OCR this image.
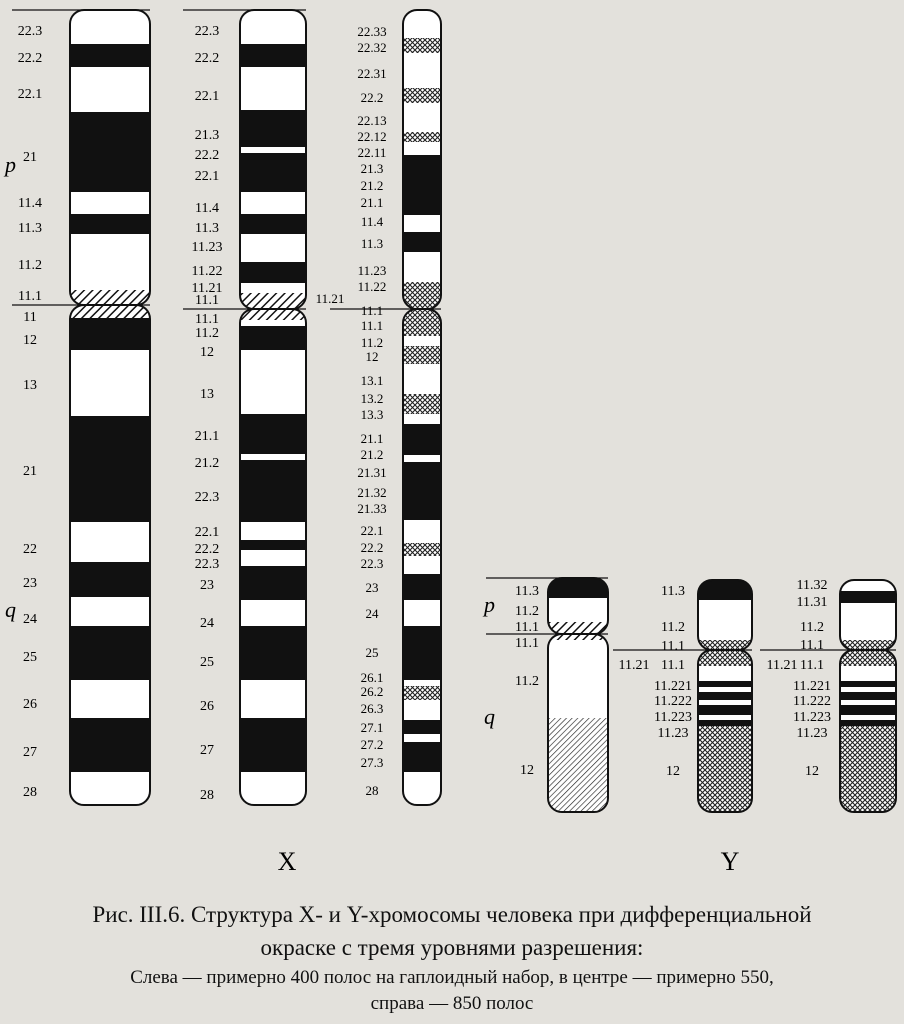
22.3
22.2
22.1
21
11.4
11.3
11.2
11.1
11
12
13
21
22
23
24
25
26
27
28
22.3
22.2
22.1
21.3
22.2
22.1
11.4
11.3
11.23
11.22
11.21
11.1
11.1
11.2
12
13
21.1
21.2
22.3
22.1
22.2
22.3
23
24
25
26
27
28
22.33
22.32
22.31
22.2
22.13
22.12
22.11
21.3
21.2
21.1
11.4
11.3
11.23
11.22
11.21
11.1
11.1
11.2
12
13.1
13.2
13.3
21.1
21.2
21.31
21.32
21.33
22.1
22.2
22.3
23
24
25
26.1
26.2
26.3
27.1
27.2
27.3
28
11.3
11.2
11.1
11.1
11.2
12
11.3
11.2
11.1
11.21 11.1
11.221
11.222
11.223
11.23
12
11.32
11.31
11.2
11.1
11.21 11.1
11.221
11.222
11.223
11.23
12
X	Y
p
q	p
q
Рис. III.6. Структура X- и Y-хромосомы человека при дифференциальной
окраске с тремя уровнями разрешения:
Слева — примерно 400 полос на гаплоидный набор, в центре — примерно 550,
справа — 850 полос
